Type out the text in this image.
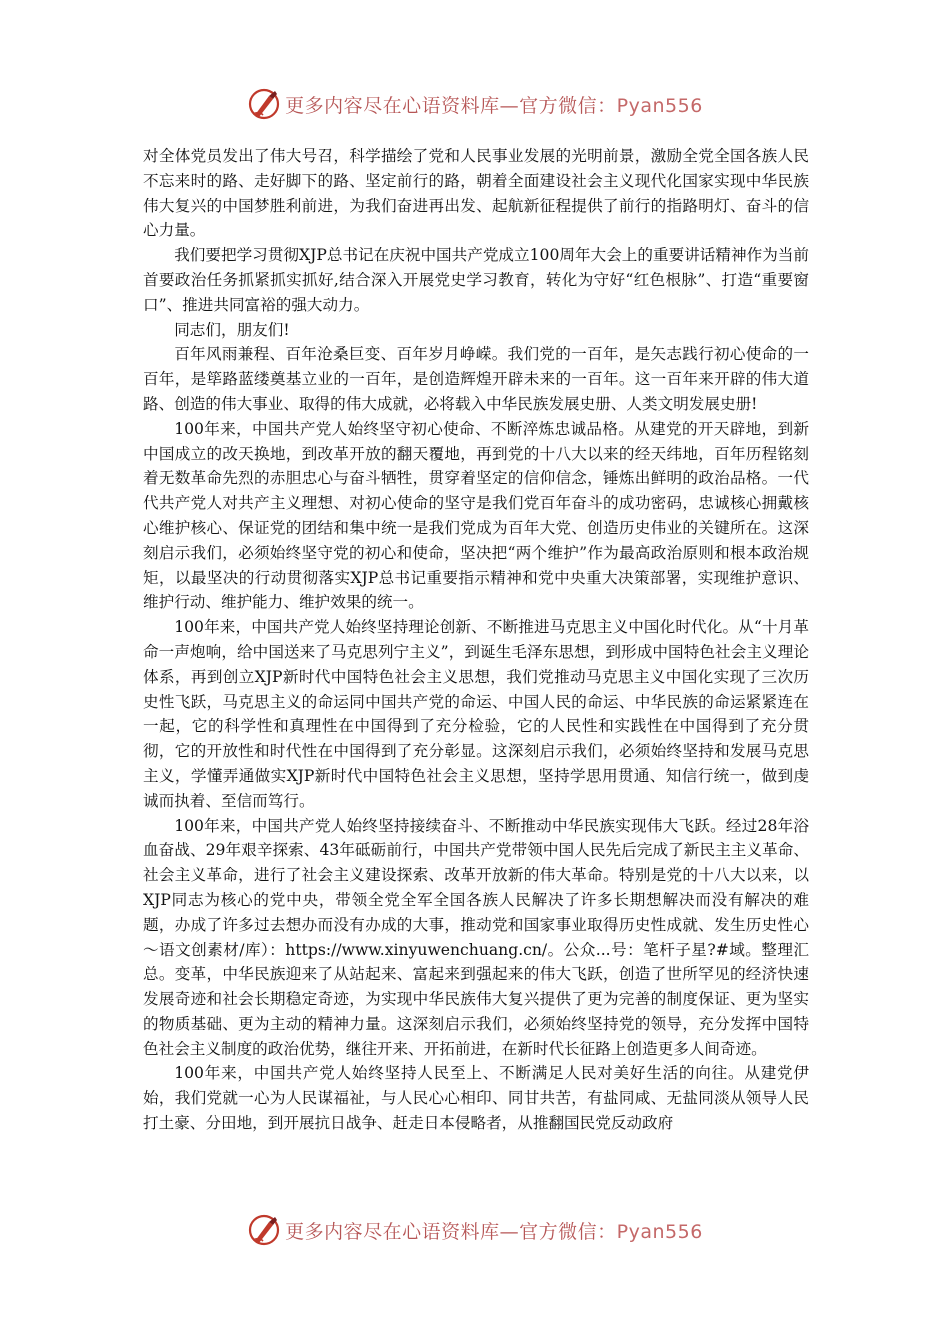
更多内容尽在心语资料库—官方微信：Pyan556

对全体党员发出了伟大号召，科学描绘了党和人民事业发展的光明前景，激励全党全国各族人民不忘来时的路、走好脚下的路、坚定前行的路，朝着全面建设社会主义现代化国家实现中华民族伟大复兴的中国梦胜利前进，为我们奋进再出发、起航新征程提供了前行的指路明灯、奋斗的信心力量。

我们要把学习贯彻XJP总书记在庆祝中国共产党成立100周年大会上的重要讲话精神作为当前首要政治任务抓紧抓实抓好,结合深入开展党史学习教育，转化为守好“红色根脉”、打造“重要窗口”、推进共同富裕的强大动力。

同志们，朋友们!

百年风雨兼程、百年沧桑巨变、百年岁月峥嵘。我们党的一百年，是矢志践行初心使命的一百年，是筚路蓝缕奠基立业的一百年，是创造辉煌开辟未来的一百年。这一百年来开辟的伟大道路、创造的伟大事业、取得的伟大成就，必将载入中华民族发展史册、人类文明发展史册!

100年来，中国共产党人始终坚守初心使命、不断淬炼忠诚品格。从建党的开天辟地，到新中国成立的改天换地，到改革开放的翻天覆地，再到党的十八大以来的经天纬地，百年历程铭刻着无数革命先烈的赤胆忠心与奋斗牺牲，贯穿着坚定的信仰信念，锤炼出鲜明的政治品格。一代代共产党人对共产主义理想、对初心使命的坚守是我们党百年奋斗的成功密码，忠诚核心拥戴核心维护核心、保证党的团结和集中统一是我们党成为百年大党、创造历史伟业的关键所在。这深刻启示我们，必须始终坚守党的初心和使命，坚决把“两个维护”作为最高政治原则和根本政治规矩，以最坚决的行动贯彻落实XJP总书记重要指示精神和党中央重大决策部署，实现维护意识、维护行动、维护能力、维护效果的统一。

100年来，中国共产党人始终坚持理论创新、不断推进马克思主义中国化时代化。从“十月革命一声炮响，给中国送来了马克思列宁主义”，到诞生毛泽东思想，到形成中国特色社会主义理论体系，再到创立XJP新时代中国特色社会主义思想，我们党推动马克思主义中国化实现了三次历史性飞跃，马克思主义的命运同中国共产党的命运、中国人民的命运、中华民族的命运紧紧连在一起，它的科学性和真理性在中国得到了充分检验，它的人民性和实践性在中国得到了充分贯彻，它的开放性和时代性在中国得到了充分彰显。这深刻启示我们，必须始终坚持和发展马克思主义，学懂弄通做实XJP新时代中国特色社会主义思想，坚持学思用贯通、知信行统一，做到虔诚而执着、至信而笃行。

100年来，中国共产党人始终坚持接续奋斗、不断推动中华民族实现伟大飞跃。经过28年浴血奋战、29年艰辛探索、43年砥砺前行，中国共产党带领中国人民先后完成了新民主主义革命、社会主义革命，进行了社会主义建设探索、改革开放新的伟大革命。特别是党的十八大以来，以XJP同志为核心的党中央，带领全党全军全国各族人民解决了许多长期想解决而没有解决的难题，办成了许多过去想办而没有办成的大事，推动党和国家事业取得历史性成就、发生历史性心～语文创素材/库）：https://www.xinyuwenchuang.cn/。公众...号：笔杆子星?#域。整理汇总。变革，中华民族迎来了从站起来、富起来到强起来的伟大飞跃，创造了世所罕见的经济快速发展奇迹和社会长期稳定奇迹，为实现中华民族伟大复兴提供了更为完善的制度保证、更为坚实的物质基础、更为主动的精神力量。这深刻启示我们，必须始终坚持党的领导，充分发挥中国特色社会主义制度的政治优势，继往开来、开拓前进，在新时代长征路上创造更多人间奇迹。

100年来，中国共产党人始终坚持人民至上、不断满足人民对美好生活的向往。从建党伊始，我们党就一心为人民谋福祉，与人民心心相印、同甘共苦，有盐同咸、无盐同淡从领导人民打土豪、分田地，到开展抗日战争、赶走日本侵略者，从推翻国民党反动政府

更多内容尽在心语资料库—官方微信：Pyan556
